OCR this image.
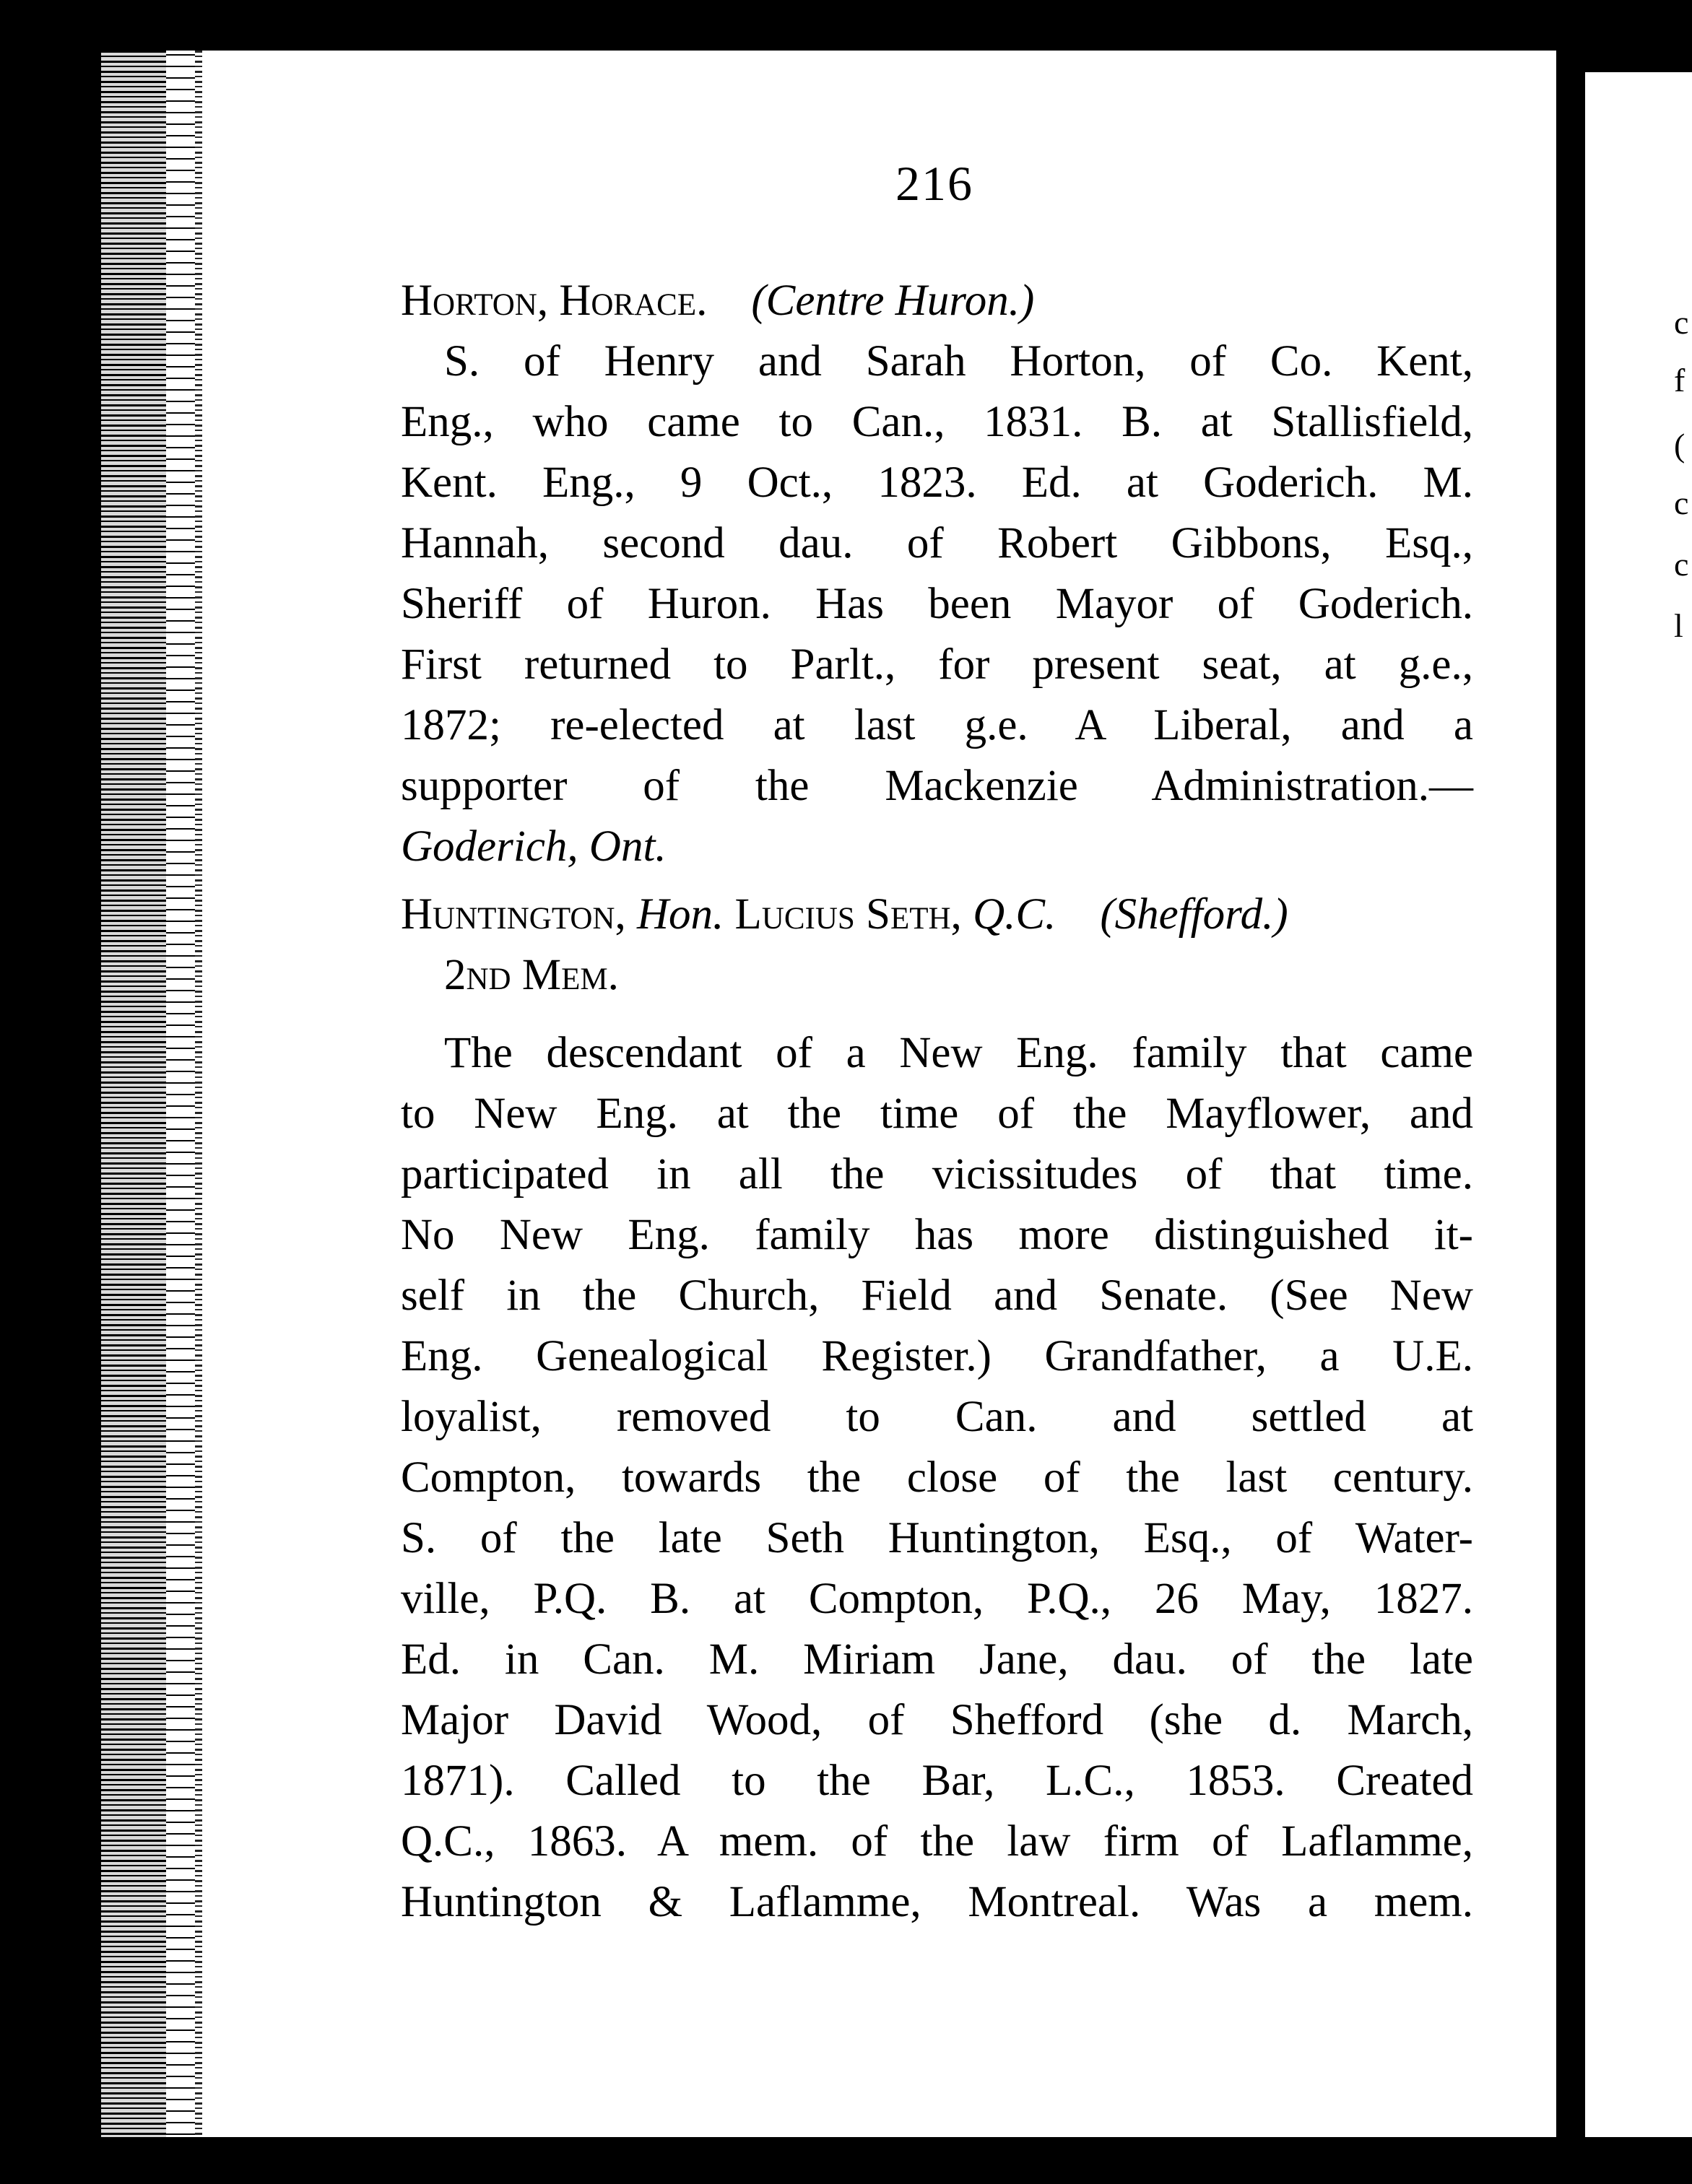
c
f
(
c
c
l
216
Horton, Horace. (Centre Huron.)
S. of Henry and Sarah Horton, of Co. Kent,
Eng., who came to Can., 1831. B. at Stallisfield,
Kent. Eng., 9 Oct., 1823. Ed. at Goderich. M.
Hannah, second dau. of Robert Gibbons, Esq.,
Sheriff of Huron. Has been Mayor of Goderich.
First returned to Parlt., for present seat, at g.e.,
1872; re-elected at last g.e. A Liberal, and a
supporter of the Mackenzie Administration.—
Goderich, Ont.
Huntington, Hon. Lucius Seth, Q.C. (Shefford.)
2nd Mem.
The descendant of a New Eng. family that came
to New Eng. at the time of the Mayflower, and
participated in all the vicissitudes of that time.
No New Eng. family has more distinguished it-
self in the Church, Field and Senate. (See New
Eng. Genealogical Register.) Grandfather, a U.E.
loyalist, removed to Can. and settled at
Compton, towards the close of the last century.
S. of the late Seth Huntington, Esq., of Water-
ville, P.Q. B. at Compton, P.Q., 26 May, 1827.
Ed. in Can. M. Miriam Jane, dau. of the late
Major David Wood, of Shefford (she d. March,
1871). Called to the Bar, L.C., 1853. Created
Q.C., 1863. A mem. of the law firm of Laflamme,
Huntington & Laflamme, Montreal. Was a mem.
